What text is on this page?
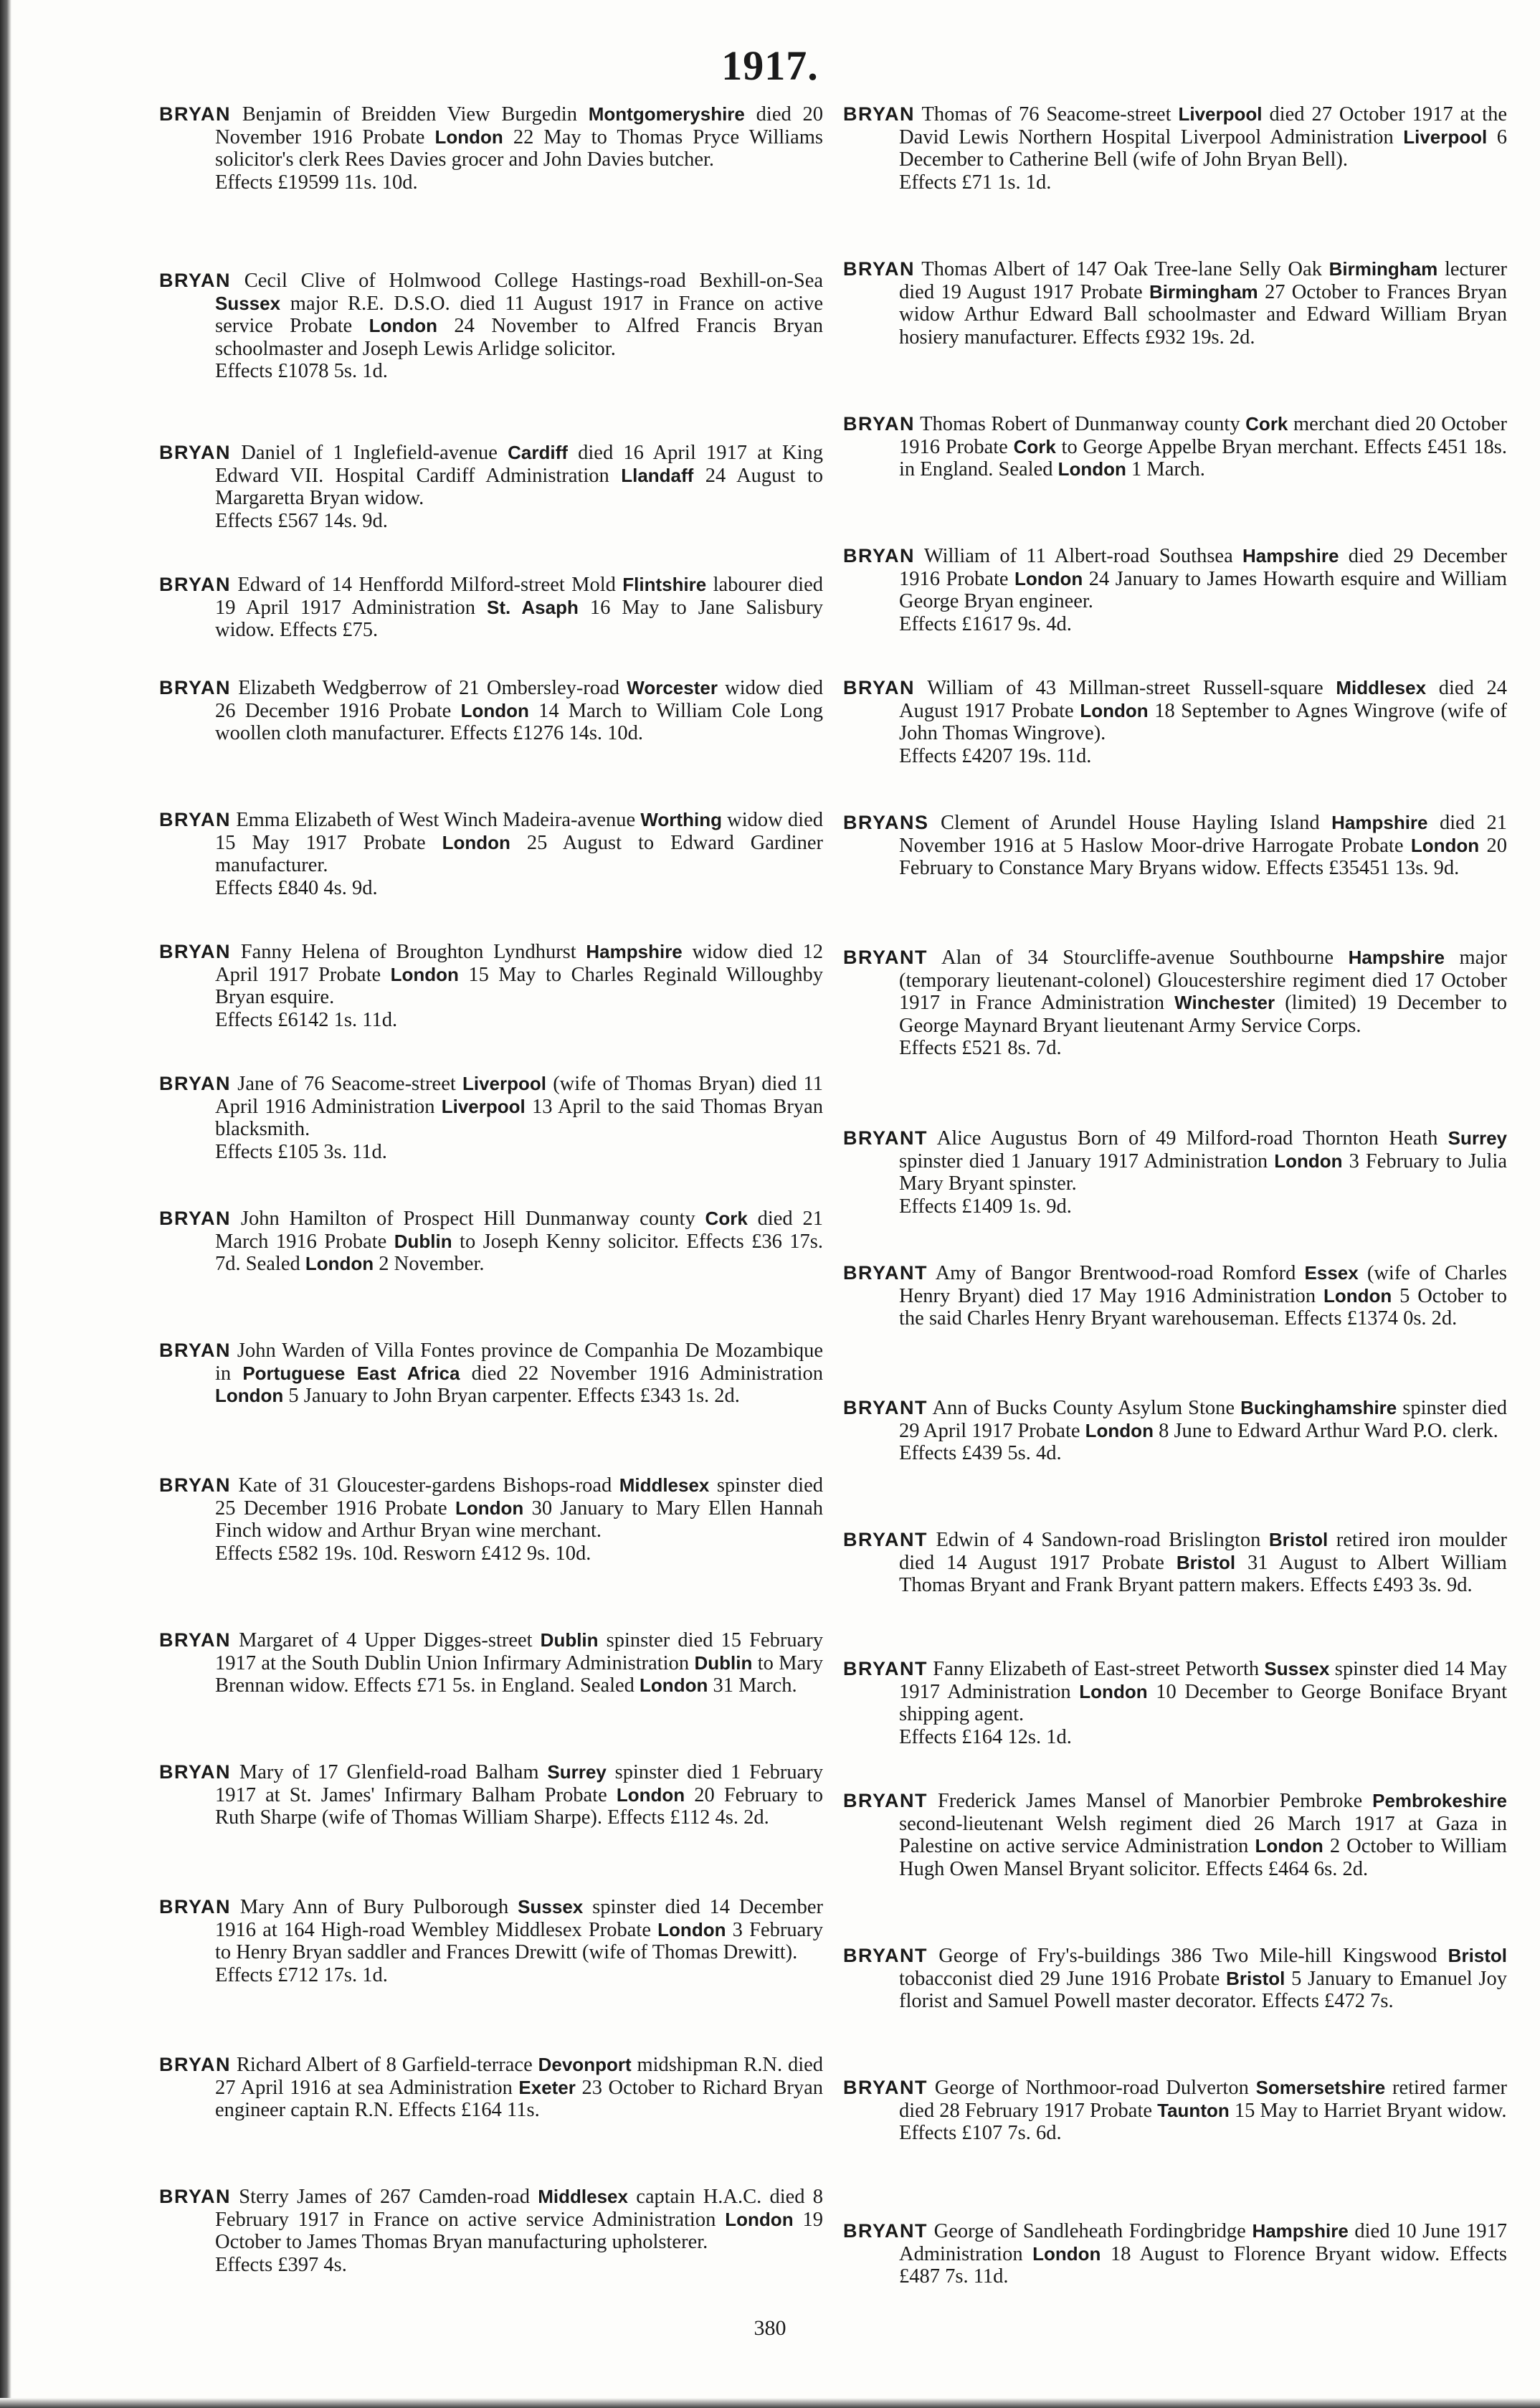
1917.
BRYAN Benjamin of Breidden View Burgedin Montgomeryshire died 20 November 1916 Probate London 22 May to Thomas Pryce Williams solicitor's clerk Rees Davies grocer and John Davies butcher.
Effects £19599 11s. 10d.
BRYAN Cecil Clive of Holmwood College Hastings-road Bexhill-on-Sea Sussex major R.E. D.S.O. died 11 August 1917 in France on active service Probate London 24 November to Alfred Francis Bryan schoolmaster and Joseph Lewis Arlidge solicitor.
Effects £1078 5s. 1d.
BRYAN Daniel of 1 Inglefield-avenue Cardiff died 16 April 1917 at King Edward VII. Hospital Cardiff Administration Llandaff 24 August to Margaretta Bryan widow.
Effects £567 14s. 9d.
BRYAN Edward of 14 Henffordd Milford-street Mold Flintshire labourer died 19 April 1917 Administration St. Asaph 16 May to Jane Salisbury widow. Effects £75.
BRYAN Elizabeth Wedgberrow of 21 Ombersley-road Worcester widow died 26 December 1916 Probate London 14 March to William Cole Long woollen cloth manufacturer. Effects £1276 14s. 10d.
BRYAN Emma Elizabeth of West Winch Madeira-avenue Worthing widow died 15 May 1917 Probate London 25 August to Edward Gardiner manufacturer.
Effects £840 4s. 9d.
BRYAN Fanny Helena of Broughton Lyndhurst Hampshire widow died 12 April 1917 Probate London 15 May to Charles Reginald Willoughby Bryan esquire.
Effects £6142 1s. 11d.
BRYAN Jane of 76 Seacome-street Liverpool (wife of Thomas Bryan) died 11 April 1916 Administration Liverpool 13 April to the said Thomas Bryan blacksmith.
Effects £105 3s. 11d.
BRYAN John Hamilton of Prospect Hill Dunmanway county Cork died 21 March 1916 Probate Dublin to Joseph Kenny solicitor. Effects £36 17s. 7d. Sealed London 2 November.
BRYAN John Warden of Villa Fontes province de Companhia De Mozambique in Portuguese East Africa died 22 November 1916 Administration London 5 January to John Bryan carpenter. Effects £343 1s. 2d.
BRYAN Kate of 31 Gloucester-gardens Bishops-road Middlesex spinster died 25 December 1916 Probate London 30 January to Mary Ellen Hannah Finch widow and Arthur Bryan wine merchant.
Effects £582 19s. 10d. Resworn £412 9s. 10d.
BRYAN Margaret of 4 Upper Digges-street Dublin spinster died 15 February 1917 at the South Dublin Union Infirmary Administration Dublin to Mary Brennan widow. Effects £71 5s. in England. Sealed London 31 March.
BRYAN Mary of 17 Glenfield-road Balham Surrey spinster died 1 February 1917 at St. James' Infirmary Balham Probate London 20 February to Ruth Sharpe (wife of Thomas William Sharpe). Effects £112 4s. 2d.
BRYAN Mary Ann of Bury Pulborough Sussex spinster died 14 December 1916 at 164 High-road Wembley Middlesex Probate London 3 February to Henry Bryan saddler and Frances Drewitt (wife of Thomas Drewitt).
Effects £712 17s. 1d.
BRYAN Richard Albert of 8 Garfield-terrace Devonport midshipman R.N. died 27 April 1916 at sea Administration Exeter 23 October to Richard Bryan engineer captain R.N. Effects £164 11s.
BRYAN Sterry James of 267 Camden-road Middlesex captain H.A.C. died 8 February 1917 in France on active service Administration London 19 October to James Thomas Bryan manufacturing upholsterer.
Effects £397 4s.
BRYAN Thomas of 76 Seacome-street Liverpool died 27 October 1917 at the David Lewis Northern Hospital Liverpool Administration Liverpool 6 December to Catherine Bell (wife of John Bryan Bell).
Effects £71 1s. 1d.
BRYAN Thomas Albert of 147 Oak Tree-lane Selly Oak Birmingham lecturer died 19 August 1917 Probate Birmingham 27 October to Frances Bryan widow Arthur Edward Ball schoolmaster and Edward William Bryan hosiery manufacturer. Effects £932 19s. 2d.
BRYAN Thomas Robert of Dunmanway county Cork merchant died 20 October 1916 Probate Cork to George Appelbe Bryan merchant. Effects £451 18s. in England. Sealed London 1 March.
BRYAN William of 11 Albert-road Southsea Hampshire died 29 December 1916 Probate London 24 January to James Howarth esquire and William George Bryan engineer.
Effects £1617 9s. 4d.
BRYAN William of 43 Millman-street Russell-square Middlesex died 24 August 1917 Probate London 18 September to Agnes Wingrove (wife of John Thomas Wingrove).
Effects £4207 19s. 11d.
BRYANS Clement of Arundel House Hayling Island Hampshire died 21 November 1916 at 5 Haslow Moor-drive Harrogate Probate London 20 February to Constance Mary Bryans widow. Effects £35451 13s. 9d.
BRYANT Alan of 34 Stourcliffe-avenue Southbourne Hampshire major (temporary lieutenant-colonel) Gloucestershire regiment died 17 October 1917 in France Administration Winchester (limited) 19 December to George Maynard Bryant lieutenant Army Service Corps.
Effects £521 8s. 7d.
BRYANT Alice Augustus Born of 49 Milford-road Thornton Heath Surrey spinster died 1 January 1917 Administration London 3 February to Julia Mary Bryant spinster.
Effects £1409 1s. 9d.
BRYANT Amy of Bangor Brentwood-road Romford Essex (wife of Charles Henry Bryant) died 17 May 1916 Administration London 5 October to the said Charles Henry Bryant warehouseman. Effects £1374 0s. 2d.
BRYANT Ann of Bucks County Asylum Stone Buckinghamshire spinster died 29 April 1917 Probate London 8 June to Edward Arthur Ward P.O. clerk.
Effects £439 5s. 4d.
BRYANT Edwin of 4 Sandown-road Brislington Bristol retired iron moulder died 14 August 1917 Probate Bristol 31 August to Albert William Thomas Bryant and Frank Bryant pattern makers. Effects £493 3s. 9d.
BRYANT Fanny Elizabeth of East-street Petworth Sussex spinster died 14 May 1917 Administration London 10 December to George Boniface Bryant shipping agent.
Effects £164 12s. 1d.
BRYANT Frederick James Mansel of Manorbier Pembroke Pembrokeshire second-lieutenant Welsh regiment died 26 March 1917 at Gaza in Palestine on active service Administration London 2 October to William Hugh Owen Mansel Bryant solicitor. Effects £464 6s. 2d.
BRYANT George of Fry's-buildings 386 Two Mile-hill Kingswood Bristol tobacconist died 29 June 1916 Probate Bristol 5 January to Emanuel Joy florist and Samuel Powell master decorator. Effects £472 7s.
BRYANT George of Northmoor-road Dulverton Somersetshire retired farmer died 28 February 1917 Probate Taunton 15 May to Harriet Bryant widow.
Effects £107 7s. 6d.
BRYANT George of Sandleheath Fordingbridge Hampshire died 10 June 1917 Administration London 18 August to Florence Bryant widow. Effects £487 7s. 11d.
380
